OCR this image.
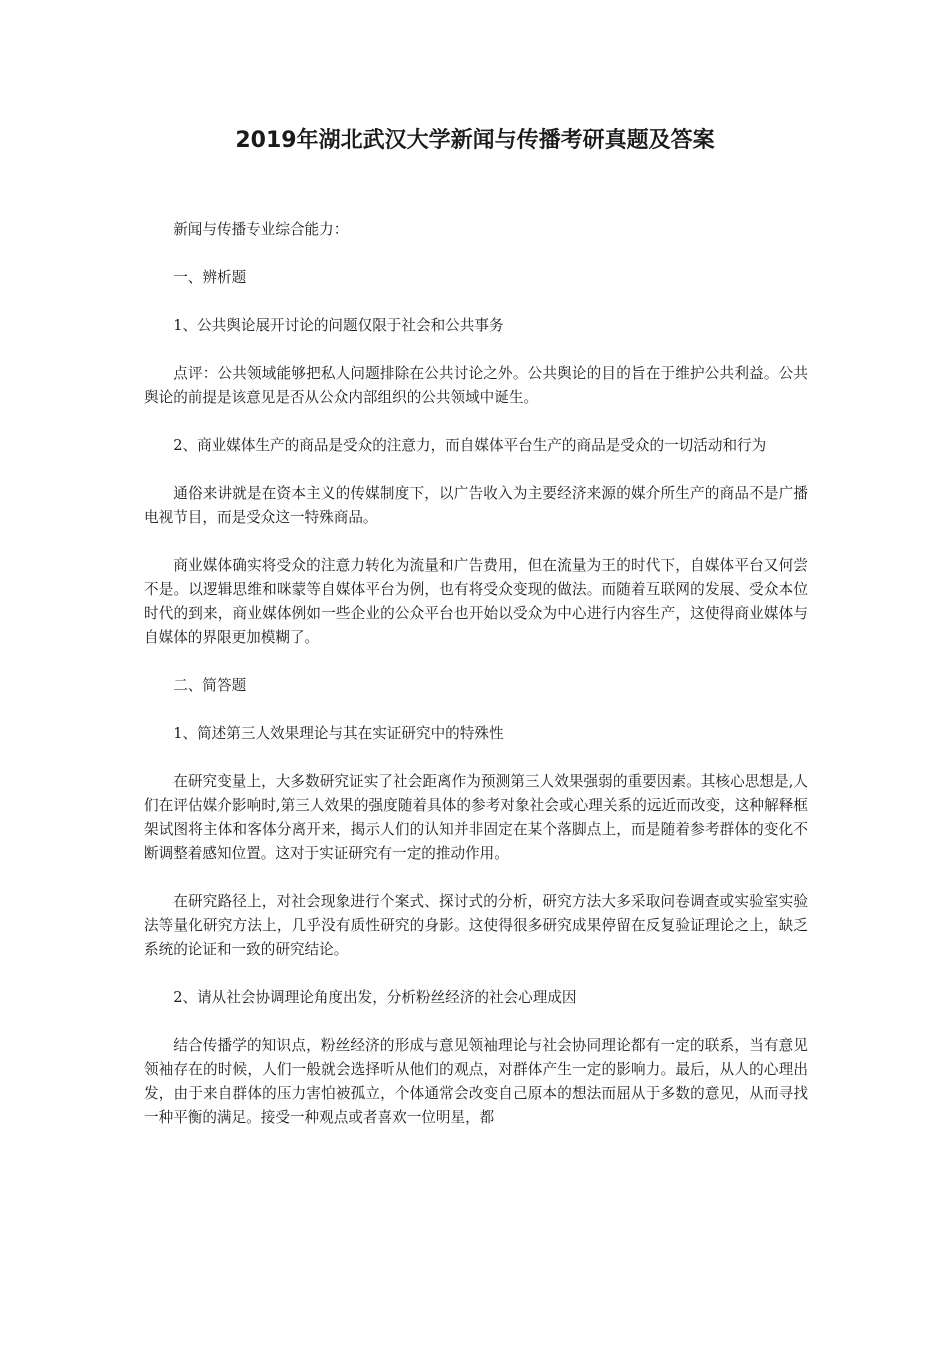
2019年湖北武汉大学新闻与传播考研真题及答案

新闻与传播专业综合能力：

一、辨析题

1、公共舆论展开讨论的问题仅限于社会和公共事务

点评：公共领域能够把私人问题排除在公共讨论之外。公共舆论的目的旨在于维护公共利益。公共舆论的前提是该意见是否从公众内部组织的公共领域中诞生。

2、商业媒体生产的商品是受众的注意力，而自媒体平台生产的商品是受众的一切活动和行为

通俗来讲就是在资本主义的传媒制度下，以广告收入为主要经济来源的媒介所生产的商品不是广播电视节目，而是受众这一特殊商品。

商业媒体确实将受众的注意力转化为流量和广告费用，但在流量为王的时代下，自媒体平台又何尝不是。以逻辑思维和咪蒙等自媒体平台为例，也有将受众变现的做法。而随着互联网的发展、受众本位时代的到来，商业媒体例如一些企业的公众平台也开始以受众为中心进行内容生产，这使得商业媒体与自媒体的界限更加模糊了。

二、简答题

1、简述第三人效果理论与其在实证研究中的特殊性

在研究变量上，大多数研究证实了社会距离作为预测第三人效果强弱的重要因素。其核心思想是,人们在评估媒介影响时,第三人效果的强度随着具体的参考对象社会或心理关系的远近而改变，这种解释框架试图将主体和客体分离开来，揭示人们的认知并非固定在某个落脚点上，而是随着参考群体的变化不断调整着感知位置。这对于实证研究有一定的推动作用。

在研究路径上，对社会现象进行个案式、探讨式的分析，研究方法大多采取问卷调查或实验室实验法等量化研究方法上，几乎没有质性研究的身影。这使得很多研究成果停留在反复验证理论之上，缺乏系统的论证和一致的研究结论。

2、请从社会协调理论角度出发，分析粉丝经济的社会心理成因

结合传播学的知识点，粉丝经济的形成与意见领袖理论与社会协同理论都有一定的联系，当有意见领袖存在的时候，人们一般就会选择听从他们的观点，对群体产生一定的影响力。最后，从人的心理出发，由于来自群体的压力害怕被孤立，个体通常会改变自己原本的想法而屈从于多数的意见，从而寻找一种平衡的满足。接受一种观点或者喜欢一位明星，都
